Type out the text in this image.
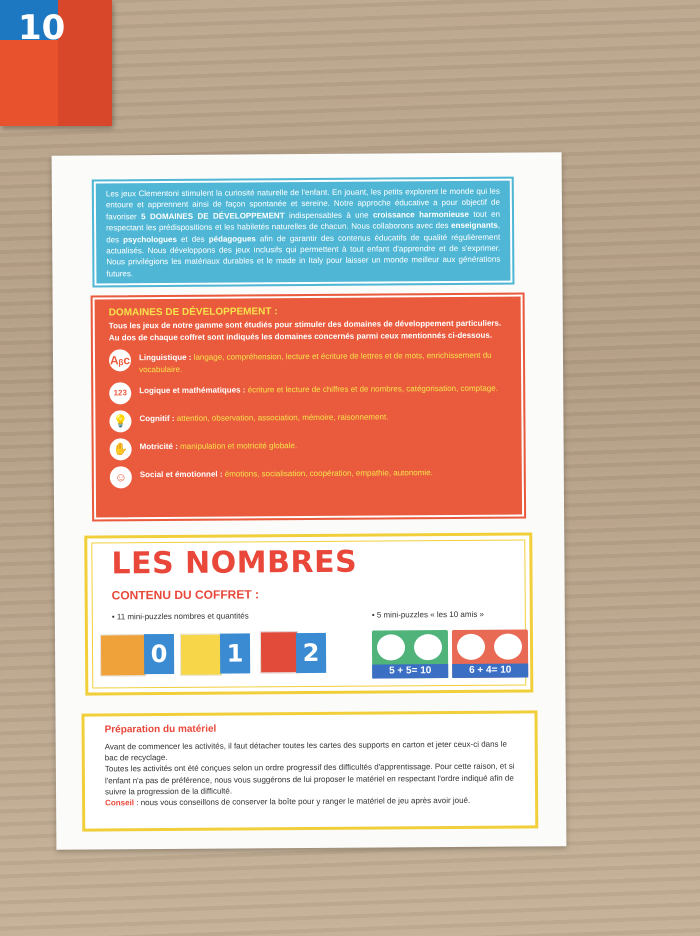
10
Les jeux Clementoni stimulent la curiosité naturelle de l'enfant. En jouant, les petits explorent le monde qui les entoure et apprennent ainsi de façon spontanée et sereine. Notre approche éducative a pour objectif de favoriser 5 DOMAINES DE DÉVELOPPEMENT indispensables à une croissance harmonieuse tout en respectant les prédispositions et les habiletés naturelles de chacun. Nous collaborons avec des enseignants, des psychologues et des pédagogues afin de garantir des contenus éducatifs de qualité régulièrement actualisés. Nous développons des jeux inclusifs qui permettent à tout enfant d'apprendre et de s'exprimer. Nous privilégions les matériaux durables et le made in Italy pour laisser un monde meilleur aux générations futures.
DOMAINES DE DÉVELOPPEMENT :
Tous les jeux de notre gamme sont étudiés pour stimuler des domaines de développement particuliers. Au dos de chaque coffret sont indiqués les domaines concernés parmi ceux mentionnés ci-dessous.
Aᵦc Linguistique : langage, compréhension, lecture et écriture de lettres et de mots, enrichissement du vocabulaire.
123	Logique et mathématiques : écriture et lecture de chiffres et de nombres, catégorisation, comptage.
💡	Cognitif : attention, observation, association, mémoire, raisonnement.
✋	Motricité : manipulation et motricité globale.
☺	Social et émotionnel : émotions, socialisation, coopération, empathie, autonomie.
LES NOMBRES
CONTENU DU COFFRET :
• 11 mini-puzzles nombres et quantités	• 5 mini-puzzles « les 10 amis »
0 1 2
5 + 5= 10	6 + 4= 10
Préparation du matériel
Avant de commencer les activités, il faut détacher toutes les cartes des supports en carton et jeter ceux-ci dans le bac de recyclage.
Toutes les activités ont été conçues selon un ordre progressif des difficultés d'apprentissage. Pour cette raison, et si l'enfant n'a pas de préférence, nous vous suggérons de lui proposer le matériel en respectant l'ordre indiqué afin de suivre la progression de la difficulté.
Conseil : nous vous conseillons de conserver la boîte pour y ranger le matériel de jeu après avoir joué.
